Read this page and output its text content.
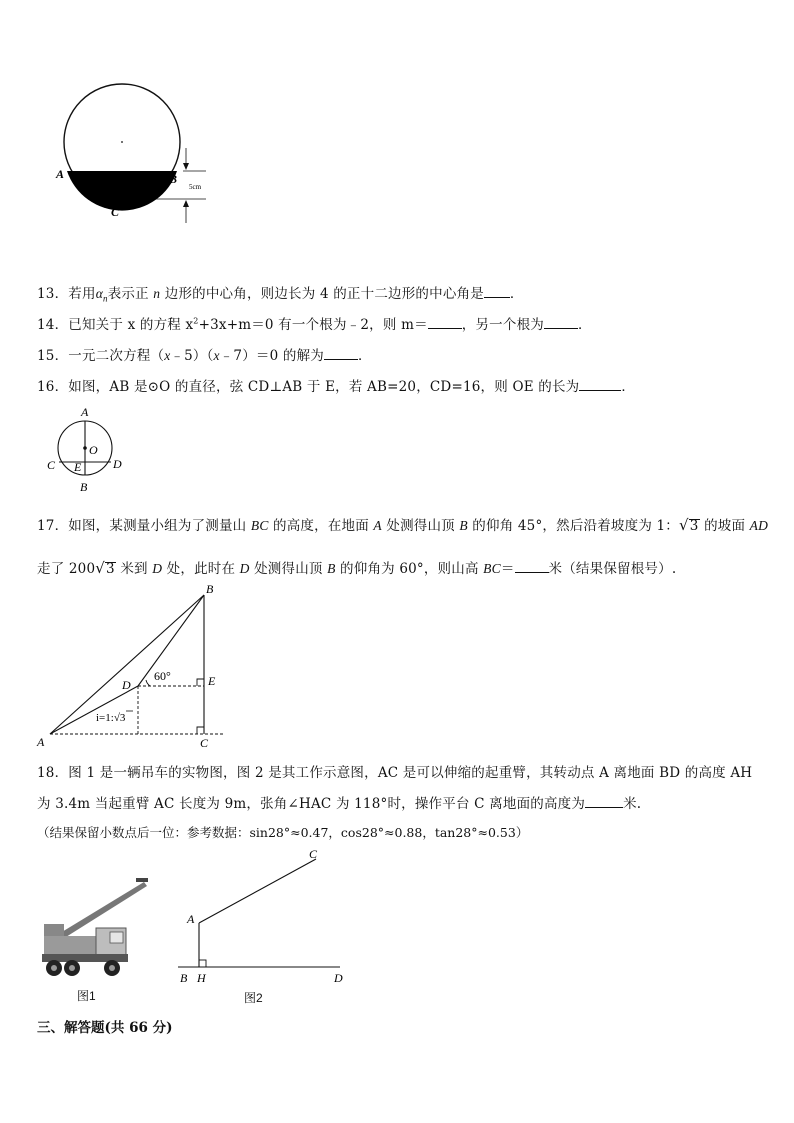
A	B
C
5cm
13．若用$\alpha_n$表示正 n 边形的中心角，则边长为 4 的正十二边形的中心角是 ．
14．已知关于 x 的方程 $x^2+3x+m=0$ 有一个根为﹣2，则 m＝	，另一个根为	．
15．一元二次方程（x﹣5）（x﹣7）＝0 的解为	．
16．如图，AB 是⊙O 的直径，弦 CD⊥AB 于 E，若 AB=20，CD=16，则 OE 的长为	．
A
O
C E	D
B
17．如图，某测量小组为了测量山 BC 的高度，在地面 A 处测得山顶 B 的仰角 45°，然后沿着坡度为 1：√3 的坡面 AD
走了 200√3 米到 D 处，此时在 D 处测得山顶 B 的仰角为 60°，则山高 BC＝	米（结果保留根号）.
B
D	E
A	C
60°
i=1:√3
18．图 1 是一辆吊车的实物图，图 2 是其工作示意图，AC 是可以伸缩的起重臂，其转动点 A 离地面 BD 的高度 AH
为 3.4m 当起重臂 AC 长度为 9m，张角∠HAC 为 118°时，操作平台 C 离地面的高度为	米.
（结果保留小数点后一位：参考数据：sin28°≈0.47，cos28°≈0.88，tan28°≈0.53）
图1
C
A
B H	D
图2
三、解答题(共 66 分)
